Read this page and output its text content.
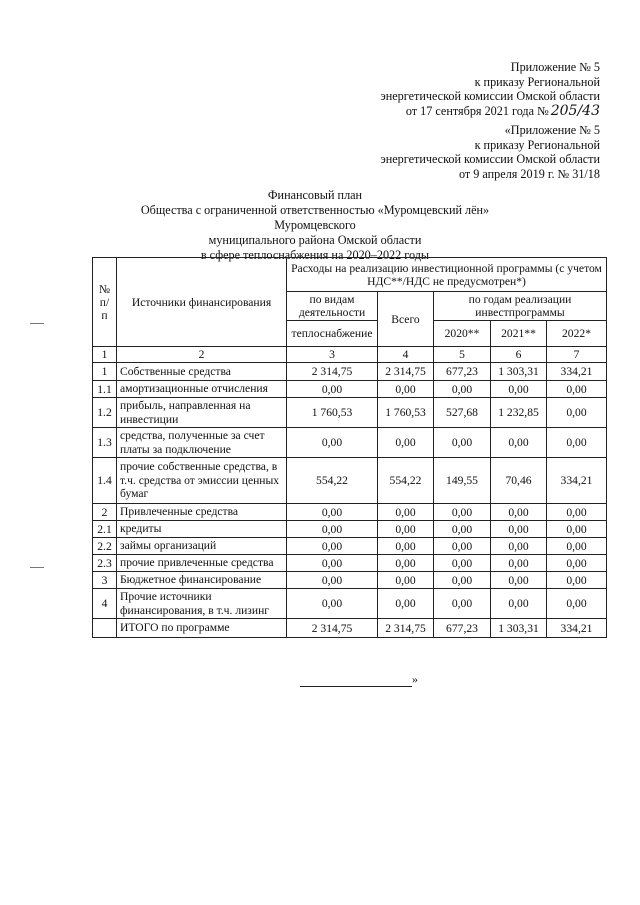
Приложение № 5
к приказу Региональной
энергетической комиссии Омской области
от 17 сентября 2021 года № 205/43
«Приложение № 5
к приказу Региональной
энергетической комиссии Омской области
от 9 апреля 2019 г. № 31/18
Финансовый план
Общества с ограниченной ответственностью «Муромцевский лён» Муромцевского
муниципального района Омской области
в сфере теплоснабжения на 2020–2022 годы
№ п/ п	Источники финансирования	Расходы на реализацию инвестиционной программы (с учетом НДС**/НДС не предусмотрен*)				
		по видам деятельности	Всего	по годам реализации инвестпрограммы		
		теплоснабжение		2020**	2021**	2022*

1	2	3	4	5	6	7
1	Собственные средства	2 314,75	2 314,75	677,23	1 303,31	334,21
1.1	амортизационные отчисления	0,00	0,00	0,00	0,00	0,00
1.2	прибыль, направленная на инвестиции	1 760,53	1 760,53	527,68	1 232,85	0,00
1.3	средства, полученные за счет платы за подключение	0,00	0,00	0,00	0,00	0,00
1.4	прочие собственные средства, в т.ч. средства от эмиссии ценных бумаг	554,22	554,22	149,55	70,46	334,21
2	Привлеченные средства	0,00	0,00	0,00	0,00	0,00
2.1	кредиты	0,00	0,00	0,00	0,00	0,00
2.2	займы организаций	0,00	0,00	0,00	0,00	0,00
2.3	прочие привлеченные средства	0,00	0,00	0,00	0,00	0,00
3	Бюджетное финансирование	0,00	0,00	0,00	0,00	0,00
4	Прочие источники финансирования, в т.ч. лизинг	0,00	0,00	0,00	0,00	0,00
	ИТОГО по программе	2 314,75	2 314,75	677,23	1 303,31	334,21
»
